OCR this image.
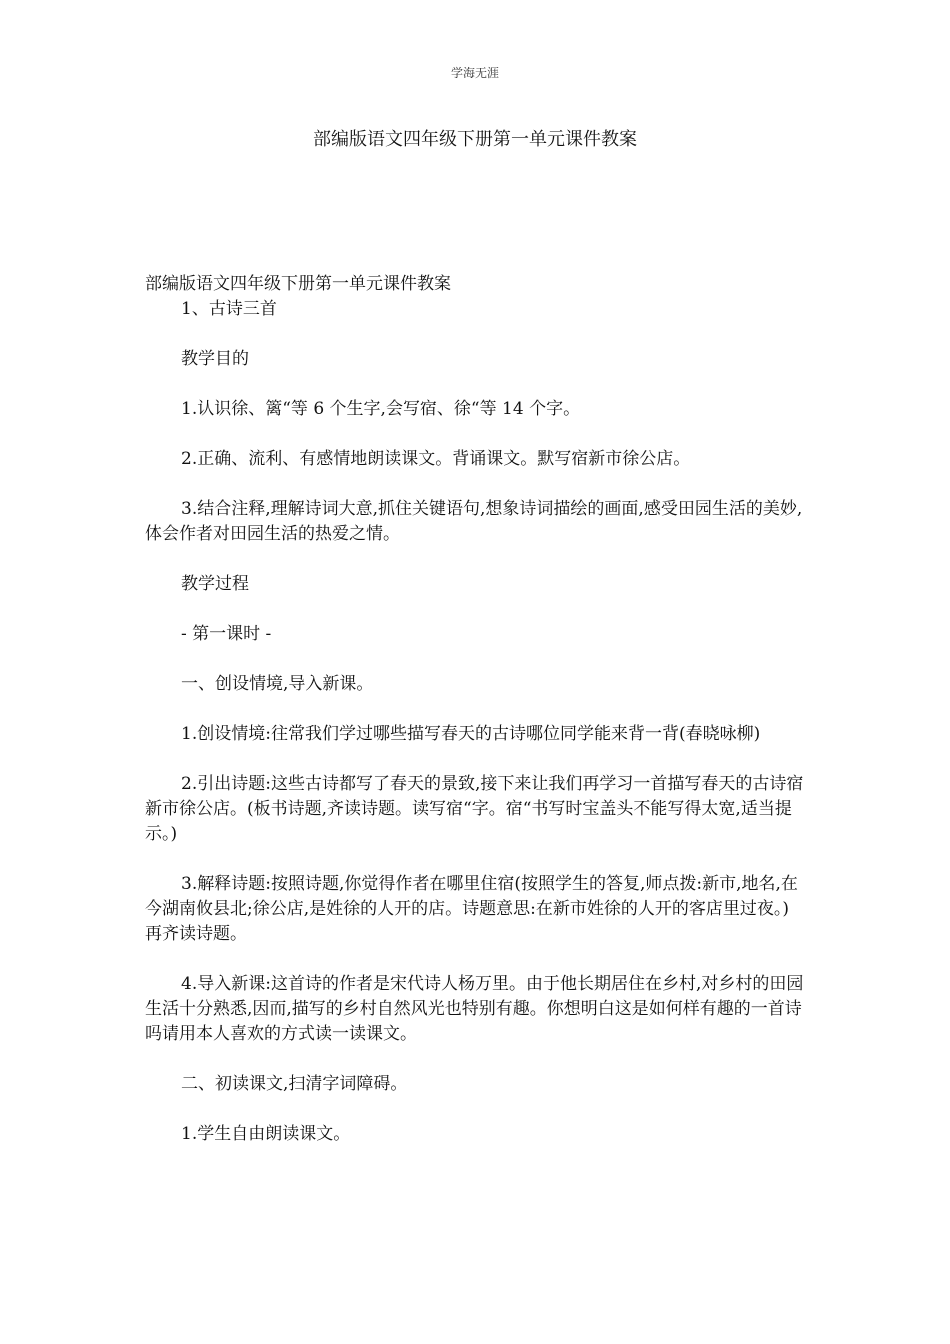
学海无涯
部编版语文四年级下册第一单元课件教案

部编版语文四年级下册第一单元课件教案

1、古诗三首

教学目的

1.认识徐、篱“等 6 个生字,会写宿、徐“等 14 个字。

2.正确、流利、有感情地朗读课文。背诵课文。默写宿新市徐公店。

3.结合注释,理解诗词大意,抓住关键语句,想象诗词描绘的画面,感受田园生活的美妙,体会作者对田园生活的热爱之情。

教学过程

- 第一课时 -

一、创设情境,导入新课。

1.创设情境:往常我们学过哪些描写春天的古诗哪位同学能来背一背(春晓咏柳)

2.引出诗题:这些古诗都写了春天的景致,接下来让我们再学习一首描写春天的古诗宿新市徐公店。(板书诗题,齐读诗题。读写宿“字。宿“书写时宝盖头不能写得太宽,适当提示。)

3.解释诗题:按照诗题,你觉得作者在哪里住宿(按照学生的答复,师点拨:新市,地名,在今湖南攸县北;徐公店,是姓徐的人开的店。诗题意思:在新市姓徐的人开的客店里过夜。)再齐读诗题。

4.导入新课:这首诗的作者是宋代诗人杨万里。由于他长期居住在乡村,对乡村的田园生活十分熟悉,因而,描写的乡村自然风光也特别有趣。你想明白这是如何样有趣的一首诗吗请用本人喜欢的方式读一读课文。

二、初读课文,扫清字词障碍。

1.学生自由朗读课文。
